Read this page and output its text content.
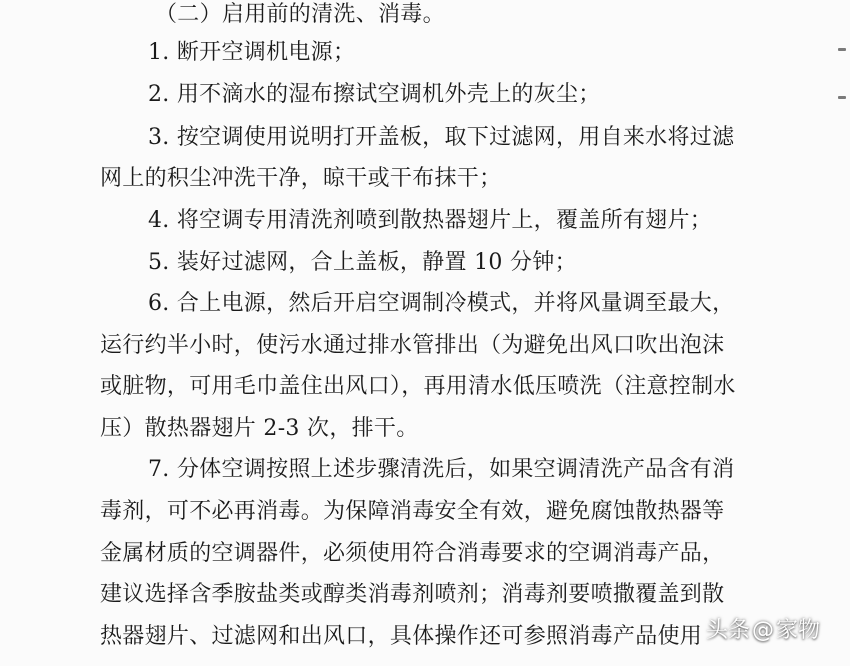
（二）启用前的清洗、消毒。
1. 断开空调机电源；
2. 用不滴水的湿布擦试空调机外壳上的灰尘；
3. 按空调使用说明打开盖板，取下过滤网，用自来水将过滤
网上的积尘冲洗干净，晾干或干布抹干；
4. 将空调专用清洗剂喷到散热器翅片上，覆盖所有翅片；
5. 装好过滤网，合上盖板，静置 10 分钟；
6. 合上电源，然后开启空调制冷模式，并将风量调至最大，
运行约半小时，使污水通过排水管排出（为避免出风口吹出泡沫
或脏物，可用毛巾盖住出风口），再用清水低压喷洗（注意控制水
压）散热器翅片 2-3 次，排干。
7. 分体空调按照上述步骤清洗后，如果空调清洗产品含有消
毒剂，可不必再消毒。为保障消毒安全有效，避免腐蚀散热器等
金属材质的空调器件，必须使用符合消毒要求的空调消毒产品，
建议选择含季胺盐类或醇类消毒剂喷剂；消毒剂要喷撒覆盖到散
热器翅片、过滤网和出风口，具体操作还可参照消毒产品使用 头条 @ 家物
